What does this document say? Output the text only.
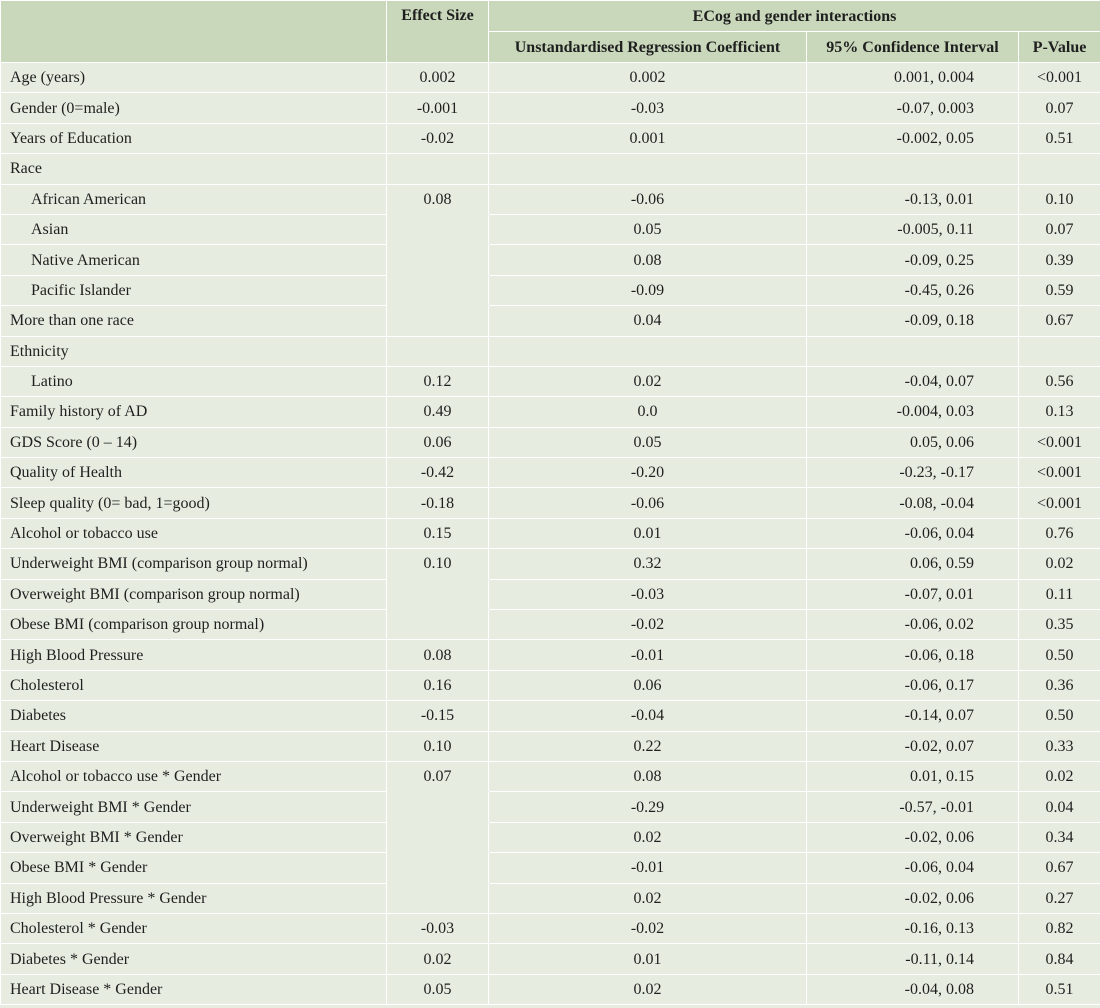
	Effect Size	ECog and gender interactions		
		Unstandardised Regression Coefficient	95% Confidence Interval	P-Value
Age (years)	0.002	0.002	0.001, 0.004	<0.001
Gender (0=male)	-0.001	-0.03	-0.07, 0.003	0.07
Years of Education	-0.02	0.001	-0.002, 0.05	0.51
Race				
African American	0.08	-0.06	-0.13, 0.01	0.10
Asian		0.05	-0.005, 0.11	0.07
Native American		0.08	-0.09, 0.25	0.39
Pacific Islander		-0.09	-0.45, 0.26	0.59
More than one race		0.04	-0.09, 0.18	0.67
Ethnicity				
Latino	0.12	0.02	-0.04, 0.07	0.56
Family history of AD	0.49	0.0	-0.004, 0.03	0.13
GDS Score (0 – 14)	0.06	0.05	0.05, 0.06	<0.001
Quality of Health	-0.42	-0.20	-0.23, -0.17	<0.001
Sleep quality (0= bad, 1=good)	-0.18	-0.06	-0.08, -0.04	<0.001
Alcohol or tobacco use	0.15	0.01	-0.06, 0.04	0.76
Underweight BMI (comparison group normal)	0.10	0.32	0.06, 0.59	0.02
Overweight BMI (comparison group normal)		-0.03	-0.07, 0.01	0.11
Obese BMI (comparison group normal)		-0.02	-0.06, 0.02	0.35
High Blood Pressure	0.08	-0.01	-0.06, 0.18	0.50
Cholesterol	0.16	0.06	-0.06, 0.17	0.36
Diabetes	-0.15	-0.04	-0.14, 0.07	0.50
Heart Disease	0.10	0.22	-0.02, 0.07	0.33
Alcohol or tobacco use * Gender	0.07	0.08	0.01, 0.15	0.02
Underweight BMI * Gender		-0.29	-0.57, -0.01	0.04
Overweight BMI * Gender		0.02	-0.02, 0.06	0.34
Obese BMI * Gender		-0.01	-0.06, 0.04	0.67
High Blood Pressure * Gender		0.02	-0.02, 0.06	0.27
Cholesterol * Gender	-0.03	-0.02	-0.16, 0.13	0.82
Diabetes * Gender	0.02	0.01	-0.11, 0.14	0.84
Heart Disease * Gender	0.05	0.02	-0.04, 0.08	0.51
